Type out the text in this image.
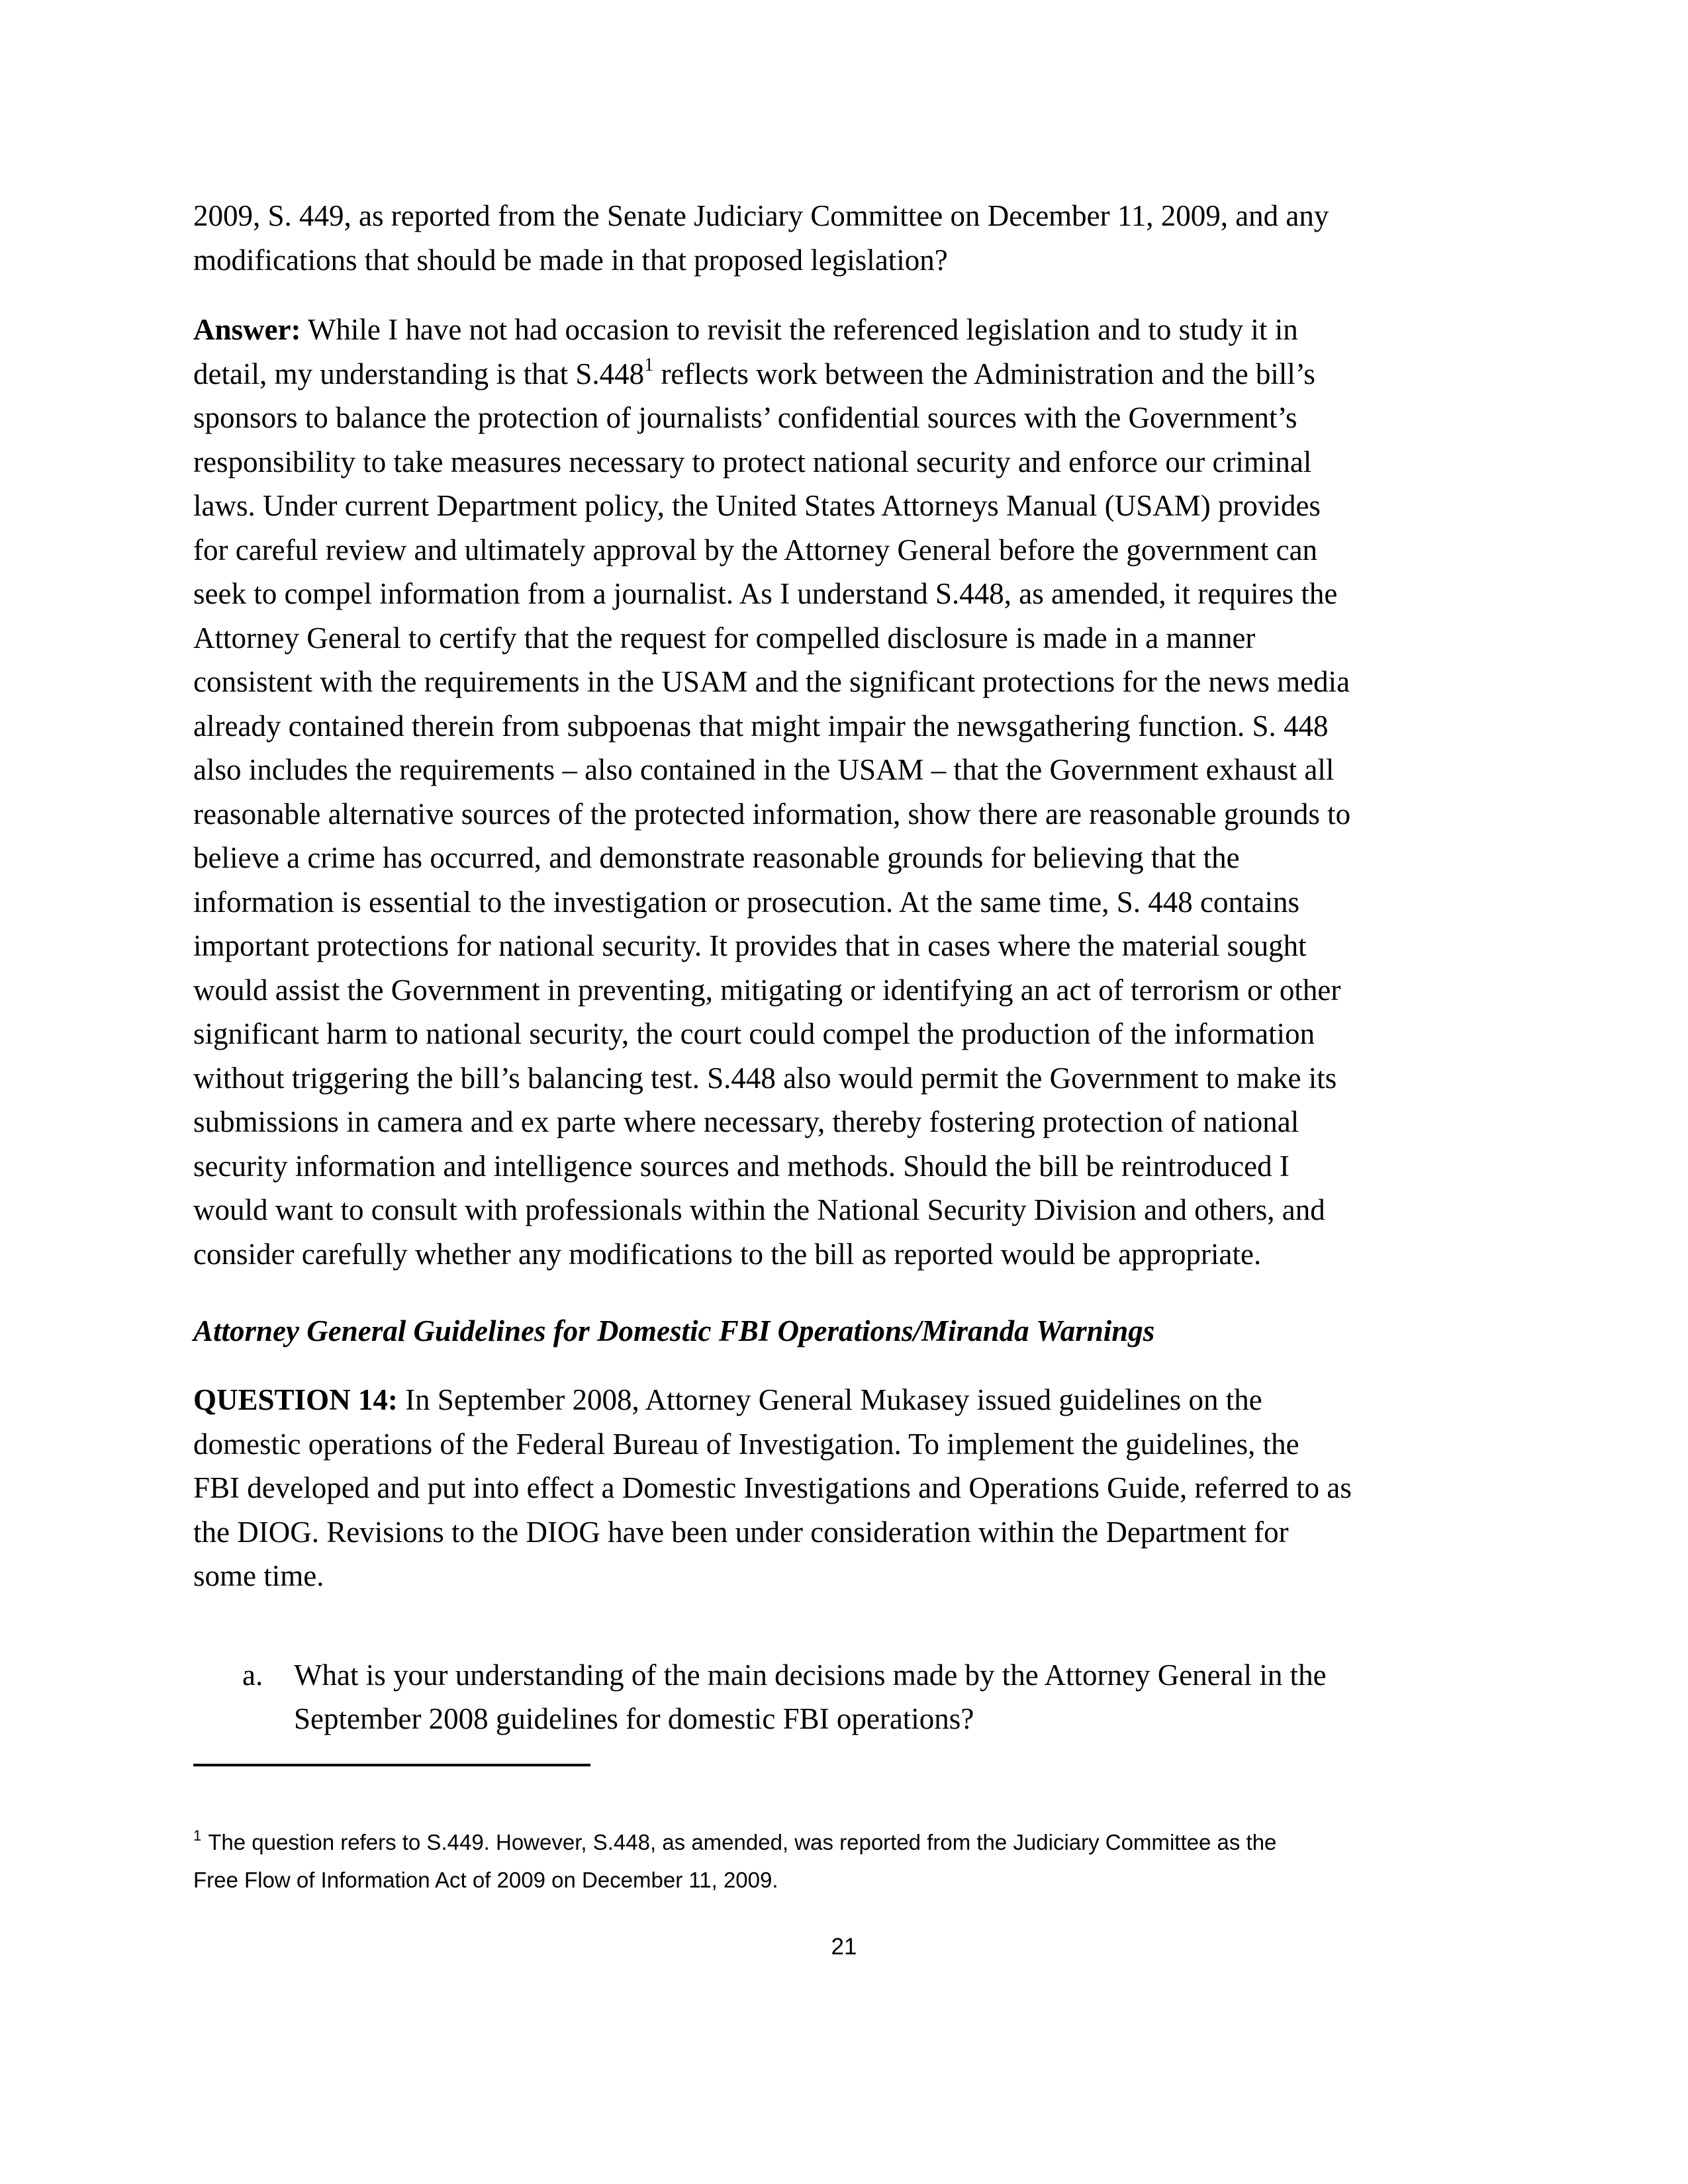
2009, S. 449, as reported from the Senate Judiciary Committee on December 11, 2009, and any
modifications that should be made in that proposed legislation?
Answer: While I have not had occasion to revisit the referenced legislation and to study it in
detail, my understanding is that S.448$^1$ reflects work between the Administration and the bill’s
sponsors to balance the protection of journalists’ confidential sources with the Government’s
responsibility to take measures necessary to protect national security and enforce our criminal
laws. Under current Department policy, the United States Attorneys Manual (USAM) provides
for careful review and ultimately approval by the Attorney General before the government can
seek to compel information from a journalist. As I understand S.448, as amended, it requires the
Attorney General to certify that the request for compelled disclosure is made in a manner
consistent with the requirements in the USAM and the significant protections for the news media
already contained therein from subpoenas that might impair the newsgathering function. S. 448
also includes the requirements – also contained in the USAM – that the Government exhaust all
reasonable alternative sources of the protected information, show there are reasonable grounds to
believe a crime has occurred, and demonstrate reasonable grounds for believing that the
information is essential to the investigation or prosecution. At the same time, S. 448 contains
important protections for national security. It provides that in cases where the material sought
would assist the Government in preventing, mitigating or identifying an act of terrorism or other
significant harm to national security, the court could compel the production of the information
without triggering the bill’s balancing test. S.448 also would permit the Government to make its
submissions in camera and ex parte where necessary, thereby fostering protection of national
security information and intelligence sources and methods. Should the bill be reintroduced I
would want to consult with professionals within the National Security Division and others, and
consider carefully whether any modifications to the bill as reported would be appropriate.
Attorney General Guidelines for Domestic FBI Operations/Miranda Warnings
QUESTION 14: In September 2008, Attorney General Mukasey issued guidelines on the
domestic operations of the Federal Bureau of Investigation. To implement the guidelines, the
FBI developed and put into effect a Domestic Investigations and Operations Guide, referred to as
the DIOG. Revisions to the DIOG have been under consideration within the Department for
some time.
a. What is your understanding of the main decisions made by the Attorney General in the
September 2008 guidelines for domestic FBI operations?
$^1$ The question refers to S.449. However, S.448, as amended, was reported from the Judiciary Committee as the
Free Flow of Information Act of 2009 on December 11, 2009.
21
